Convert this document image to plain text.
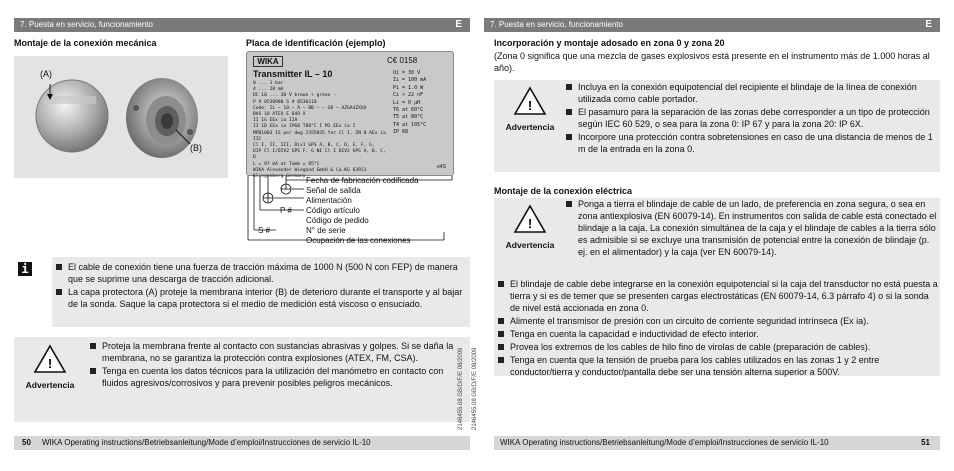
7. Puesta en servicio, funcionamiento	E
Montaje de la conexión mecánica	Placa de identificación (ejemplo)
(A)
(B)
WIKA	C€ 0158
Transmitter IL – 10
0 ... 1 bar
4 ... 20 mA
DC 10 ... 30 V brown + green -
P # 0530980 S # 0530110
Code: IL – 10 – A – BB – – GD – AZGA4ZXXA
BVS 10 ATEX E 049 X
II 1G EEx ia IIA
II 1D EEx ia IP68 T80°C I M1 EEx ia I
MPB1003 IS per dwg 2355035 for Cl I, ZN 0 AEx ia IIC
Cl I, II, III, Div1 GPS A, B, C, D, E, F, G,
DIP Cl I/DIV2 GPS F, G NI Cl I DIV2 GPS A, B, C, D
L = 97 mA at Tamb = 85°C
WIKA Alexander Wiegand GmbH & Co.KG 63911 Klingenberg Germany
Ui = 30 V
Ii = 100 mA
Pi = 1.0 W
Ci < 22 nF
Li = 0 µH
T6 at 60°C
T5 at 80°C
T4 at 105°C
IP 68
e4S
Fecha de fabricación codificada
Señal de salida
Alimentación
Código artículo
Código de pedido
N° de serie
Ocupación de las conexiones
P #
S #
i	El cable de conexión tiene una fuerza de tracción máxima de 1000 N (500 N con FEP) de manera que se suprime una descarga de tracción adicional.
La capa protectora (A) proteje la membrana interior (B) de deterioro durante el transporte y al bajar de la sonda. Saque la capa protectora si el medio de medición está viscoso o ensuciado.
!
Advertencia
Proteja la membrana frente al contacto con sustancias abrasivas y golpes. Si se daña la membrana, no se garantiza la protección contra explosiones (ATEX, FM, CSA).
Tenga en cuenta los datos técnicos para la utilización del manómetro en contacto con fluidos agresivos/corrosivos y para prevenir posibles peligros mecánicos.
50 WIKA Operating instructions/Betriebsanleitung/Mode d’emploi/Instrucciones de servicio IL-10
2146455.08 GB/D/F/E 08/2009 2146455.08 GB/D/F/E 08/2009
7. Puesta en servicio, funcionamiento	E
Incorporación y montaje adosado en zona 0 y zona 20
(Zona 0 significa que una mezcla de gases explosivos está presente en el instrumento más de 1.000 horas al año).
!
Advertencia
Incluya en la conexión equipotencial del recipiente el blindaje de la línea de conexión utilizada como cable portador.
El pasamuro para la separación de las zonas debe corresponder a un tipo de protección según IEC 60 529, o sea para la zona 0: IP 67 y para la zona 20: IP 6X.
Incorpore una protección contra sobretensiones en caso de una distancia de menos de 1 m de la entrada en la zona 0.
Montaje de la conexión eléctrica
!
Advertencia
Ponga a tierra el blindaje de cable de un lado, de preferencia en zona segura, o sea en zona antiexplosiva (EN 60079-14). En instrumentos con salida de cable está conectado el blindaje a la caja. La conexión simultánea de la caja y el blindaje de cables a la tierra sólo es admisible si se excluye una transmisión de potencial entre la conexión de blindaje (p. ej. en el alimentador) y la caja (ver EN 60079-14).
El blindaje de cable debe integrarse en la conexión equipotencial si la caja del transductor no está puesta a tierra y si es de temer que se presenten cargas electrostáticas (EN 60079-14, 6.3 párrafo 4) o si la sonda de nivel está accionada en zona 0.
Alimente el transmisor de presión con un circuito de corriente seguridad intrínseca (Ex ia).
Tenga en cuenta la capacidad e inductividad de efecto interior.
Provea los extremos de los cables de hilo fino de virolas de cable (preparación de cables).
Tenga en cuenta que la tensión de prueba para los cables utilizados en las zonas 1 y 2 entre conductor/tierra y conductor/pantalla debe ser una tensión alterna superior a 500V.
WIKA Operating instructions/Betriebsanleitung/Mode d’emploi/Instrucciones de servicio IL-10	51
